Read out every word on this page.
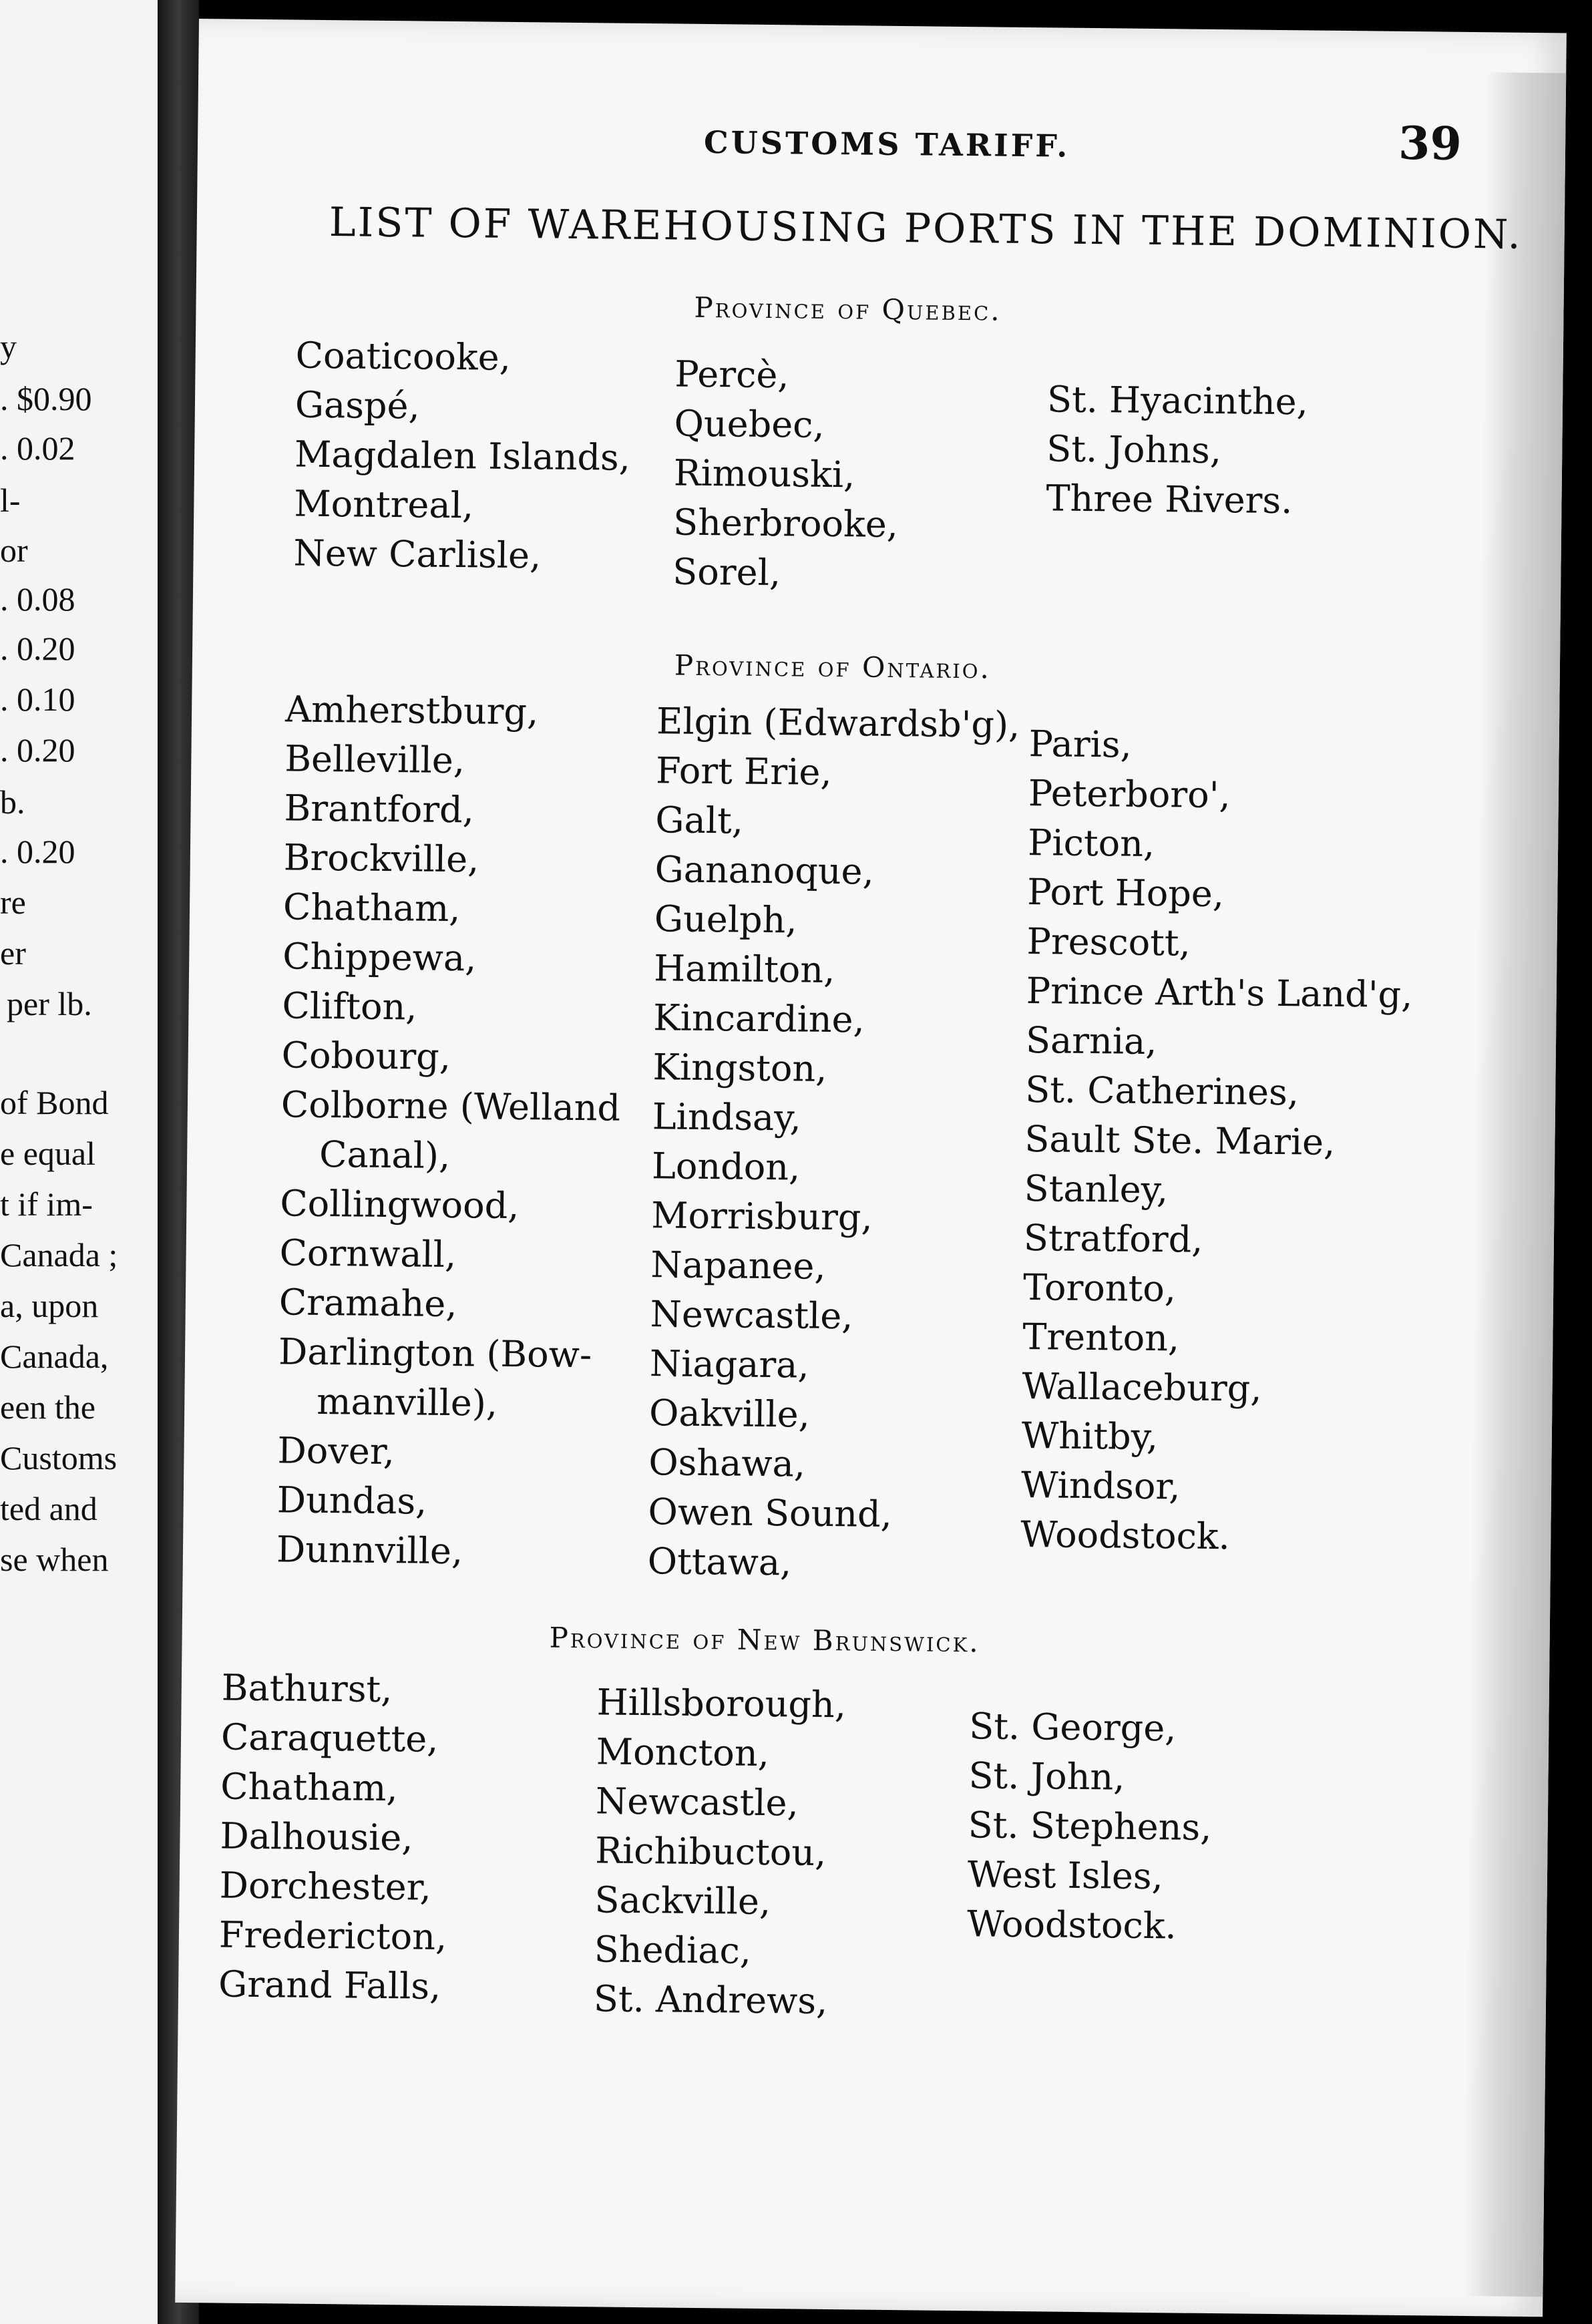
y
. $0.90
. 0.02
l-
or
. 0.08
. 0.20
. 0.10
. 0.20
b.
. 0.20
re
er
per lb.
of Bond
e equal
t if im-
Canada ;
a, upon
Canada,
een the
Customs
ted and
se when
CUSTOMS TARIFF.	39
LIST OF WAREHOUSING PORTS IN THE DOMINION.
Province of Quebec.
Coaticooke,
Gaspé,
Magdalen Islands,
Montreal,
New Carlisle,
Percè,
Quebec,
Rimouski,
Sherbrooke,
Sorel,
St. Hyacinthe,
St. Johns,
Three Rivers.
Province of Ontario.
Amherstburg,
Belleville,
Brantford,
Brockville,
Chatham,
Chippewa,
Clifton,
Cobourg,
Colborne (Welland
Canal),
Collingwood,
Cornwall,
Cramahe,
Darlington (Bow-
manville),
Dover,
Dundas,
Dunnville,
Elgin (Edwardsb'g),
Fort Erie,
Galt,
Gananoque,
Guelph,
Hamilton,
Kincardine,
Kingston,
Lindsay,
London,
Morrisburg,
Napanee,
Newcastle,
Niagara,
Oakville,
Oshawa,
Owen Sound,
Ottawa,
Paris,
Peterboro',
Picton,
Port Hope,
Prescott,
Prince Arth's Land'g,
Sarnia,
St. Catherines,
Sault Ste. Marie,
Stanley,
Stratford,
Toronto,
Trenton,
Wallaceburg,
Whitby,
Windsor,
Woodstock.
Province of New Brunswick.
Bathurst,
Caraquette,
Chatham,
Dalhousie,
Dorchester,
Fredericton,
Grand Falls,
Hillsborough,
Moncton,
Newcastle,
Richibuctou,
Sackville,
Shediac,
St. Andrews,
St. George,
St. John,
St. Stephens,
West Isles,
Woodstock.
